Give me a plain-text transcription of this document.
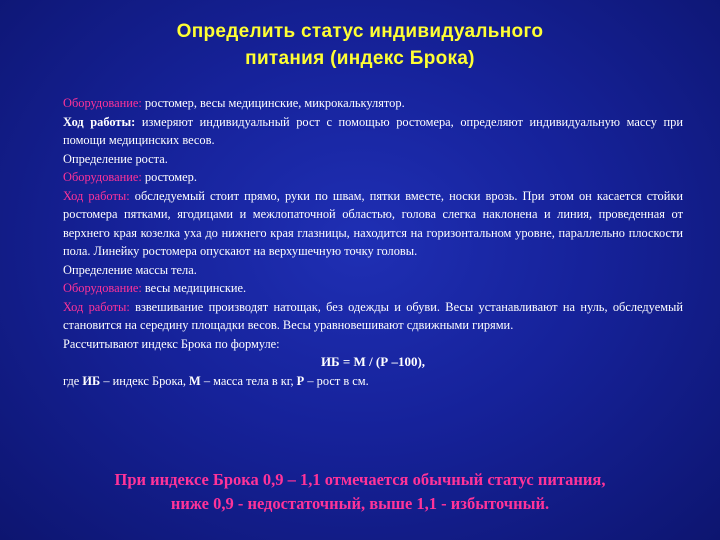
Определить статус индивидуального
питания (индекс Брока)

Оборудование: ростомер, весы медицинские, микрокалькулятор.

Ход работы: измеряют индивидуальный рост с помощью ростомера, определяют индивидуальную массу при помощи медицинских весов.

Определение роста.

Оборудование: ростомер.

Ход работы: обследуемый стоит прямо, руки по швам, пятки вместе, носки врозь. При этом он касается стойки ростомера пятками, ягодицами и межлопаточной областью, голова слегка наклонена и линия, проведенная от верхнего края козелка уха до нижнего края глазницы, находится на горизонтальном уровне, параллельно плоскости пола. Линейку ростомера опускают на верхушечную точку головы.

Определение массы тела.

Оборудование: весы медицинские.

Ход работы: взвешивание производят натощак, без одежды и обуви. Весы устанавливают на нуль, обследуемый становится на середину площадки весов. Весы уравновешивают сдвижными гирями.

Рассчитывают индекс Брока по формуле:

ИБ = М / (Р –100),

где ИБ – индекс Брока, М – масса тела в кг, Р – рост в см.

При индексе Брока 0,9 – 1,1 отмечается обычный статус питания,
ниже 0,9 - недостаточный, выше 1,1 - избыточный.
